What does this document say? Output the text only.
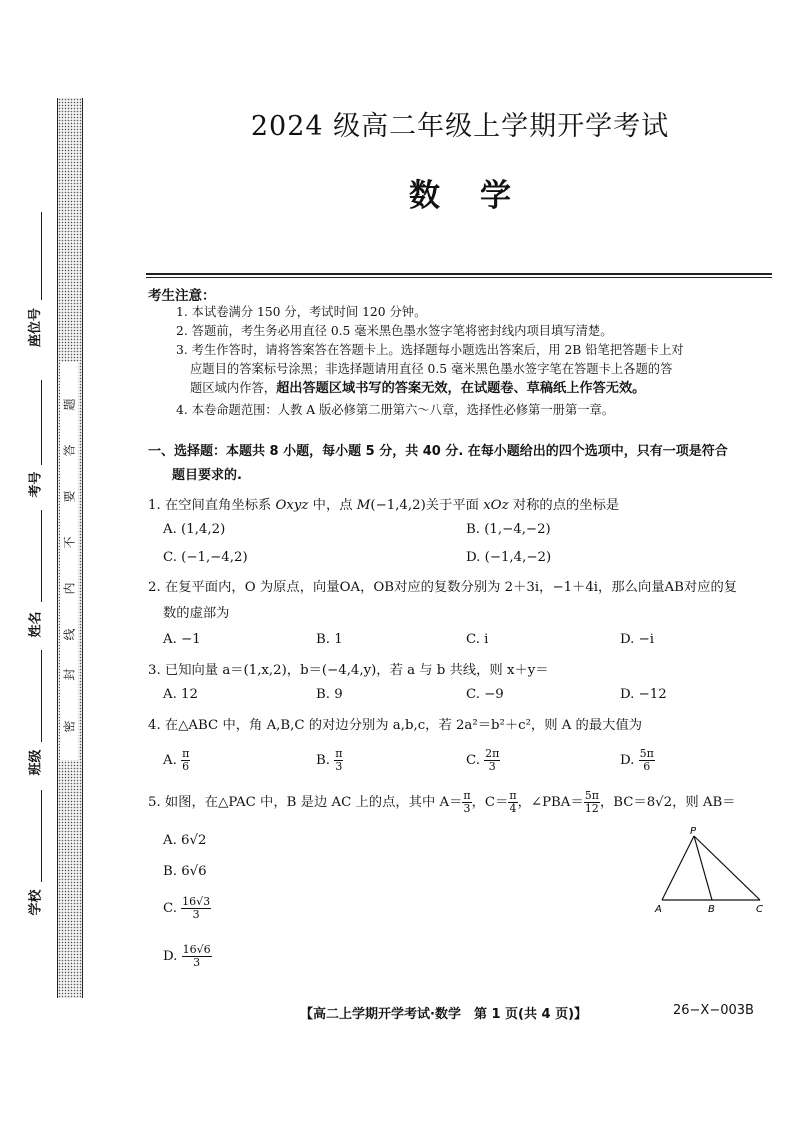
密
封
线
内
不
要
答
题
座位号
考号
姓名
班级
学校
2024 级高二年级上学期开学考试
数学
考生注意：
1. 本试卷满分 150 分，考试时间 120 分钟。
2. 答题前，考生务必用直径 0.5 毫米黑色墨水签字笔将密封线内项目填写清楚。
3. 考生作答时，请将答案答在答题卡上。选择题每小题选出答案后，用 2B 铅笔把答题卡上对
应题目的答案标号涂黑；非选择题请用直径 0.5 毫米黑色墨水签字笔在答题卡上各题的答
题区域内作答，超出答题区域书写的答案无效，在试题卷、草稿纸上作答无效。
4. 本卷命题范围：人教 A 版必修第二册第六～八章，选择性必修第一册第一章。
一、选择题：本题共 8 小题，每小题 5 分，共 40 分. 在每小题给出的四个选项中，只有一项是符合
题目要求的.
1. 在空间直角坐标系 Oxyz 中，点 M(−1,4,2)关于平面 xOz 对称的点的坐标是
A. (1,4,2)	B. (1,−4,−2)
C. (−1,−4,2)	D. (−1,4,−2)
2. 在复平面内，O 为原点，向量OA，OB对应的复数分别为 2＋3i，−1＋4i，那么向量AB对应的复
数的虚部为
A. −1	B. 1	C. i	D. −i
3. 已知向量 a＝(1,x,2)，b＝(−4,4,y)，若 a 与 b 共线，则 x＋y＝
A. 12	B. 9	C. −9	D. −12
4. 在△ABC 中，角 A,B,C 的对边分别为 a,b,c，若 2a²＝b²＋c²，则 A 的最大值为
A. $\frac{\pi}{6}$	B. $\frac{\pi}{3}$	C. $\frac{2\pi}{3}$	D. $\frac{5\pi}{6}$
5. 如图，在△PAC 中，B 是边 AC 上的点，其中 $A= \frac{\pi}{3}$ ，$C= \frac{\pi}{4}$ ，∠PBA＝ $\frac{5\pi}{12}$ ，BC＝8√2，则 AB＝
A. 6√2
B. 6√6
C. $\frac{16√3}{3}$
D. $\frac{16√6}{3}$
P
A	B	C
【高二上学期开学考试·数学　第 1 页(共 4 页)】	26−X−003B
